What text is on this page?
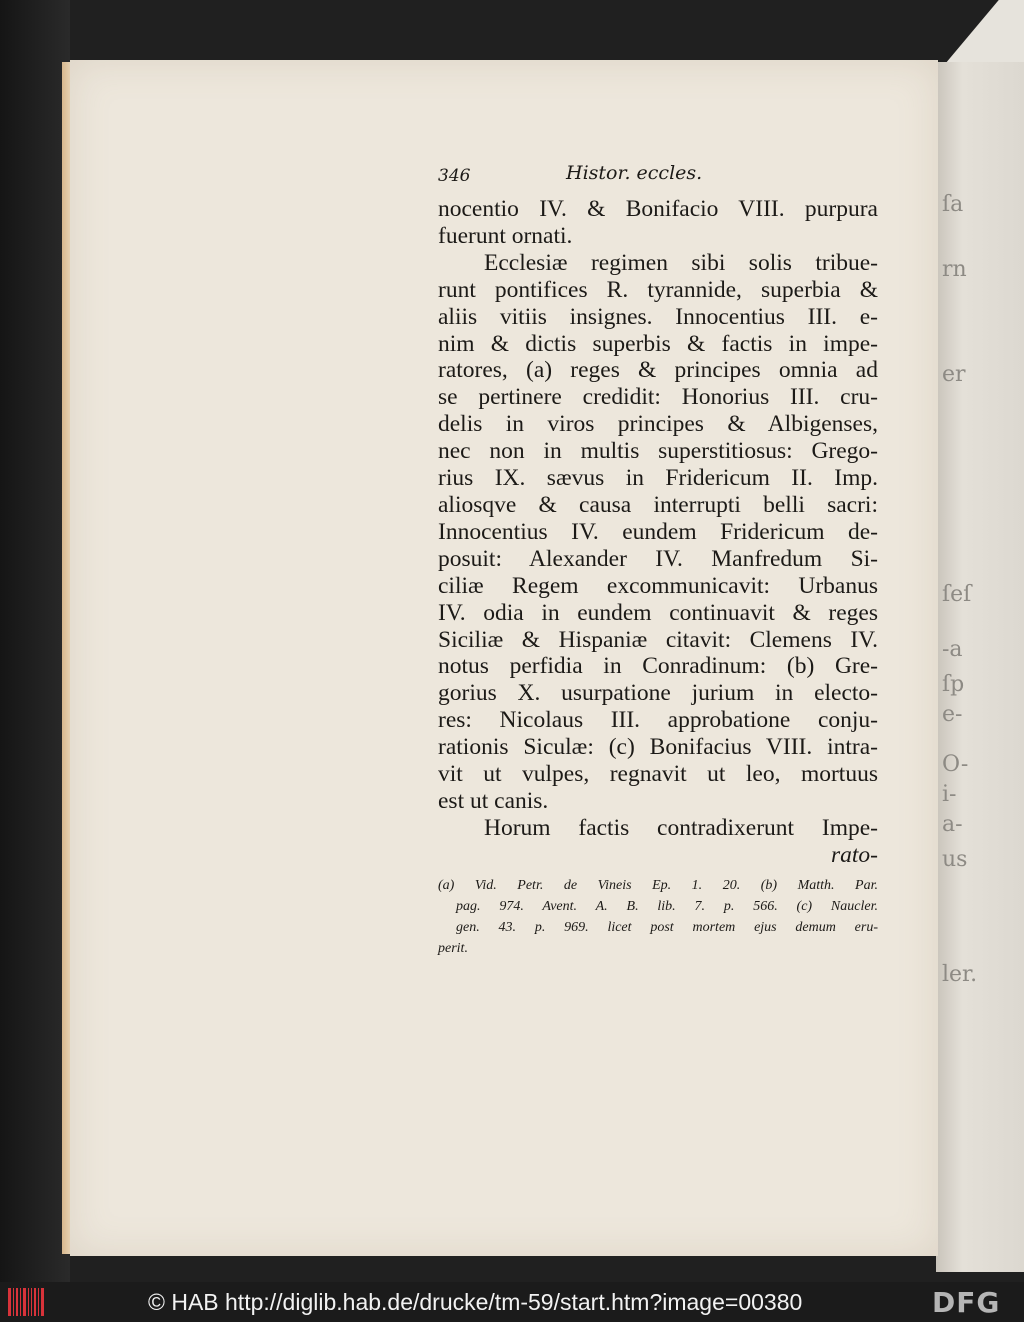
ſa
rn
er
ſeſ
-a
ſp
e-
O-
i-
a-
us
ler.
346	Histor. eccles.
nocentio IV. & Bonifacio VIII. purpura
fuerunt ornati.
Ecclesiæ regimen sibi solis tribue-
runt pontifices R. tyrannide, superbia &
aliis vitiis insignes. Innocentius III. e-
nim & dictis superbis & factis in impe-
ratores, (a) reges & principes omnia ad
se pertinere credidit: Honorius III. cru-
delis in viros principes & Albigenses,
nec non in multis superstitiosus: Grego-
rius IX. sævus in Fridericum II. Imp.
aliosqve & causa interrupti belli sacri:
Innocentius IV. eundem Fridericum de-
posuit: Alexander IV. Manfredum Si-
ciliæ Regem excommunicavit: Urbanus
IV. odia in eundem continuavit & reges
Siciliæ & Hispaniæ citavit: Clemens IV.
notus perfidia in Conradinum: (b) Gre-
gorius X. usurpatione jurium in electo-
res: Nicolaus III. approbatione conju-
rationis Siculæ: (c) Bonifacius VIII. intra-
vit ut vulpes, regnavit ut leo, mortuus
est ut canis.
Horum factis contradixerunt Impe-
rato-
(a) Vid. Petr. de Vineis Ep. 1. 20. (b) Matth. Par.
pag. 974. Avent. A. B. lib. 7. p. 566. (c) Naucler.
gen. 43. p. 969. licet post mortem ejus demum eru-
perit.
© HAB http://diglib.hab.de/drucke/tm-59/start.htm?image=00380	DFG
